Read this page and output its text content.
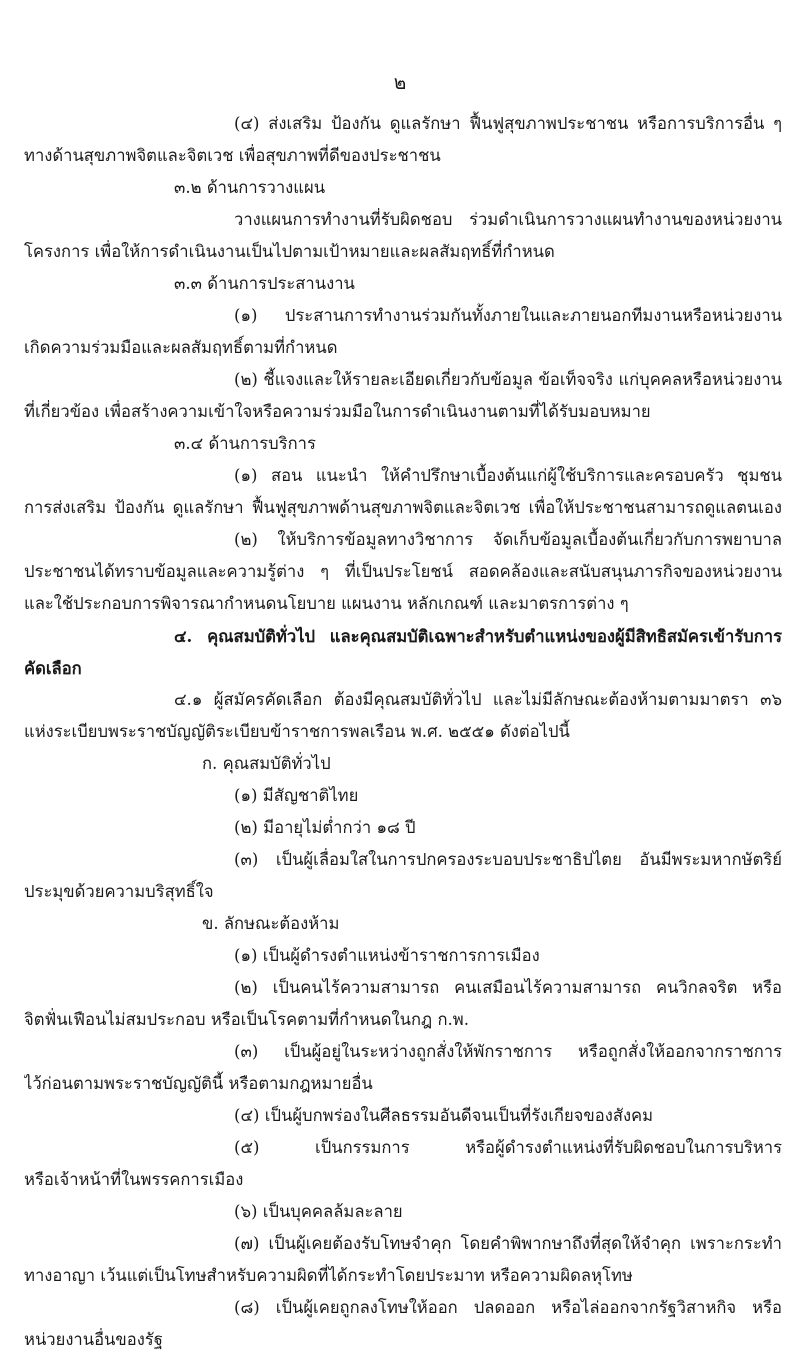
๒
(๔) ส่งเสริม ป้องกัน ดูแลรักษา ฟื้นฟูสุขภาพประชาชน หรือการบริการอื่น ๆ
ทางด้านสุขภาพจิตและจิตเวช เพื่อสุขภาพที่ดีของประชาชน
๓.๒ ด้านการวางแผน
วางแผนการทำงานที่รับผิดชอบ ร่วมดำเนินการวางแผนทำงานของหน่วยงาน
โครงการ เพื่อให้การดำเนินงานเป็นไปตามเป้าหมายและผลสัมฤทธิ์ที่กำหนด
๓.๓ ด้านการประสานงาน
(๑) ประสานการทำงานร่วมกันทั้งภายในและภายนอกทีมงานหรือหน่วยงาน
เกิดความร่วมมือและผลสัมฤทธิ์ตามที่กำหนด
(๒) ชี้แจงและให้รายละเอียดเกี่ยวกับข้อมูล ข้อเท็จจริง แก่บุคคลหรือหน่วยงาน
ที่เกี่ยวข้อง เพื่อสร้างความเข้าใจหรือความร่วมมือในการดำเนินงานตามที่ได้รับมอบหมาย
๓.๔ ด้านการบริการ
(๑) สอน แนะนำ ให้คำปรึกษาเบื้องต้นแก่ผู้ใช้บริการและครอบครัว ชุมชน
การส่งเสริม ป้องกัน ดูแลรักษา ฟื้นฟูสุขภาพด้านสุขภาพจิตและจิตเวช เพื่อให้ประชาชนสามารถดูแลตนเอง
(๒) ให้บริการข้อมูลทางวิชาการ จัดเก็บข้อมูลเบื้องต้นเกี่ยวกับการพยาบาล
ประชาชนได้ทราบข้อมูลและความรู้ต่าง ๆ ที่เป็นประโยชน์ สอดคล้องและสนับสนุนภารกิจของหน่วยงาน
และใช้ประกอบการพิจารณากำหนดนโยบาย แผนงาน หลักเกณฑ์ และมาตรการต่าง ๆ
๔. คุณสมบัติทั่วไป และคุณสมบัติเฉพาะสำหรับตำแหน่งของผู้มีสิทธิสมัครเข้ารับการ
คัดเลือก
๔.๑ ผู้สมัครคัดเลือก ต้องมีคุณสมบัติทั่วไป และไม่มีลักษณะต้องห้ามตามมาตรา ๓๖
แห่งระเบียบพระราชบัญญัติระเบียบข้าราชการพลเรือน พ.ศ. ๒๕๕๑ ดังต่อไปนี้
ก. คุณสมบัติทั่วไป
(๑) มีสัญชาติไทย
(๒) มีอายุไม่ต่ำกว่า ๑๘ ปี
(๓) เป็นผู้เลื่อมใสในการปกครองระบอบประชาธิปไตย อันมีพระมหากษัตริย์
ประมุขด้วยความบริสุทธิ์ใจ
ข. ลักษณะต้องห้าม
(๑) เป็นผู้ดำรงตำแหน่งข้าราชการการเมือง
(๒) เป็นคนไร้ความสามารถ คนเสมือนไร้ความสามารถ คนวิกลจริต หรือ
จิตฟั่นเฟือนไม่สมประกอบ หรือเป็นโรคตามที่กำหนดในกฎ ก.พ.
(๓) เป็นผู้อยู่ในระหว่างถูกสั่งให้พักราชการ หรือถูกสั่งให้ออกจากราชการ
ไว้ก่อนตามพระราชบัญญัตินี้ หรือตามกฎหมายอื่น
(๔) เป็นผู้บกพร่องในศีลธรรมอันดีจนเป็นที่รังเกียจของสังคม
(๕) เป็นกรรมการ หรือผู้ดำรงตำแหน่งที่รับผิดชอบในการบริหาร
หรือเจ้าหน้าที่ในพรรคการเมือง
(๖) เป็นบุคคลล้มละลาย
(๗) เป็นผู้เคยต้องรับโทษจำคุก โดยคำพิพากษาถึงที่สุดให้จำคุก เพราะกระทำ
ทางอาญา เว้นแต่เป็นโทษสำหรับความผิดที่ได้กระทำโดยประมาท หรือความผิดลหุโทษ
(๘) เป็นผู้เคยถูกลงโทษให้ออก ปลดออก หรือไล่ออกจากรัฐวิสาหกิจ หรือ
หน่วยงานอื่นของรัฐ
